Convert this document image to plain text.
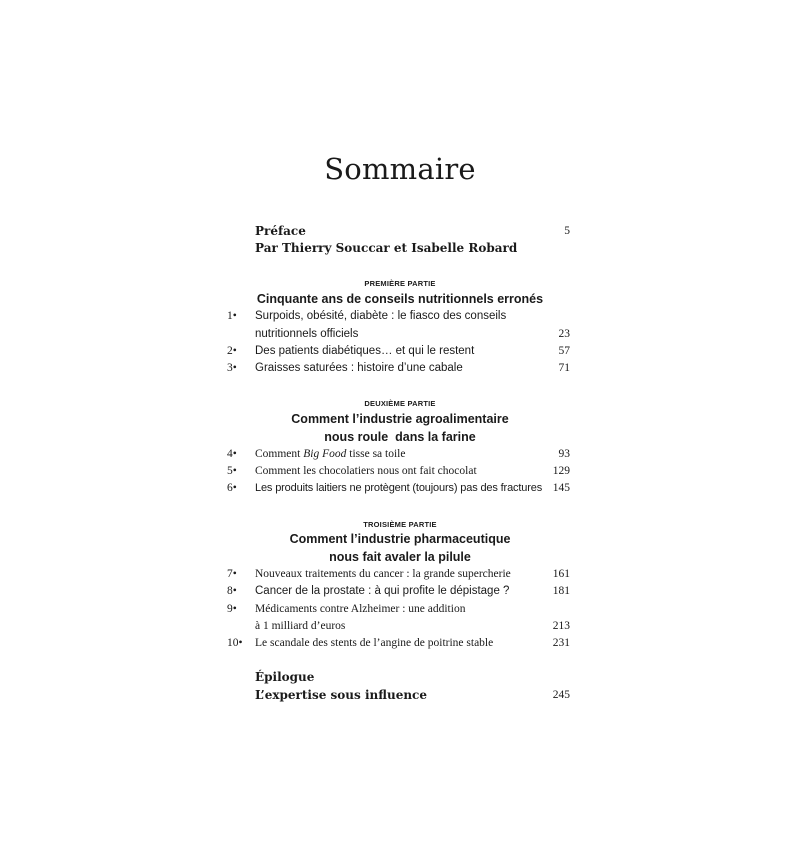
Sommaire
Préface	5
Par Thierry Souccar et Isabelle Robard
PREMIÈRE PARTIE
Cinquante ans de conseils nutritionnels erronés
1• Surpoids, obésité, diabète : le fiasco des conseils
nutritionnels officiels	23
2• Des patients diabétiques… et qui le restent	57
3• Graisses saturées : histoire d’une cabale	71
DEUXIÈME PARTIE
Comment l’industrie agroalimentaire
nous roule  dans la farine
4• Comment Big Food tisse sa toile	93
5• Comment les chocolatiers nous ont fait chocolat	129
6• Les produits laitiers ne protègent (toujours) pas des fractures 145
TROISIÈME PARTIE
Comment l’industrie pharmaceutique
nous fait avaler la pilule
7• Nouveaux traitements du cancer : la grande supercherie	161
8• Cancer de la prostate : à qui profite le dépistage ?	181
9• Médicaments contre Alzheimer : une addition
à 1 milliard d’euros	213
10• Le scandale des stents de l’angine de poitrine stable	231
Épilogue
L’expertise sous influence	245
